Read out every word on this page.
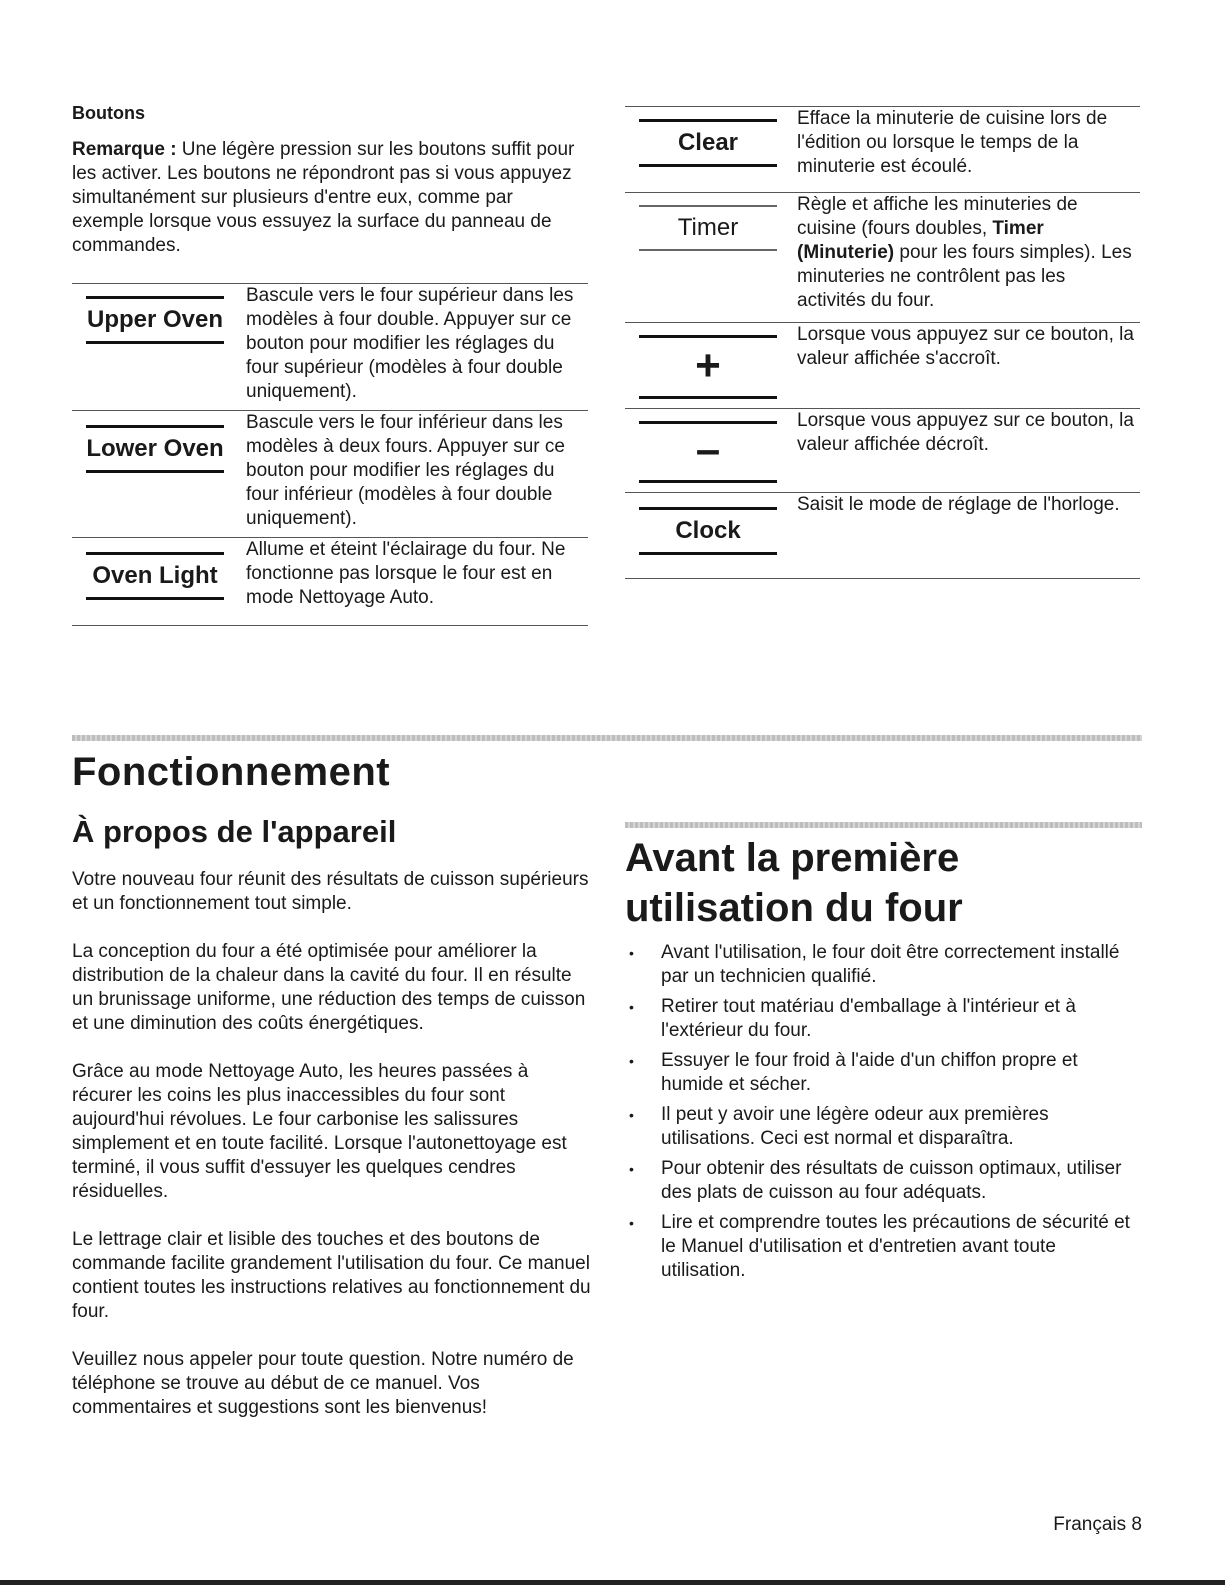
Boutons

Remarque : Une légère pression sur les boutons suffit pour les activer. Les boutons ne répondront pas si vous appuyez simultanément sur plusieurs d'entre eux, comme par exemple lorsque vous essuyez la surface du panneau de commandes.

Upper Oven
Bascule vers le four supérieur dans les modèles à four double. Appuyer sur ce bouton pour modifier les réglages du four supérieur (modèles à four double uniquement).
Lower Oven
Bascule vers le four inférieur dans les modèles à deux fours. Appuyer sur ce bouton pour modifier les réglages du four inférieur (modèles à four double uniquement).
Oven Light
Allume et éteint l'éclairage du four. Ne fonctionne pas lorsque le four est en mode Nettoyage Auto.
Clear
Efface la minuterie de cuisine lors de l'édition ou lorsque le temps de la minuterie est écoulé.
Timer
Règle et affiche les minuteries de cuisine (fours doubles, Timer (Minuterie) pour les fours simples). Les minuteries ne contrôlent pas les activités du four.
+
Lorsque vous appuyez sur ce bouton, la valeur affichée s'accroît.
–
Lorsque vous appuyez sur ce bouton, la valeur affichée décroît.
Clock
Saisit le mode de réglage de l'horloge.
Fonctionnement
À propos de l'appareil

Votre nouveau four réunit des résultats de cuisson supérieurs et un fonctionnement tout simple.

La conception du four a été optimisée pour améliorer la distribution de la chaleur dans la cavité du four. Il en résulte un brunissage uniforme, une réduction des temps de cuisson et une diminution des coûts énergétiques.

Grâce au mode Nettoyage Auto, les heures passées à récurer les coins les plus inaccessibles du four sont aujourd'hui révolues. Le four carbonise les salissures simplement et en toute facilité. Lorsque l'autonettoyage est terminé, il vous suffit d'essuyer les quelques cendres résiduelles.

Le lettrage clair et lisible des touches et des boutons de commande facilite grandement l'utilisation du four. Ce manuel contient toutes les instructions relatives au fonctionnement du four.

Veuillez nous appeler pour toute question. Notre numéro de téléphone se trouve au début de ce manuel. Vos commentaires et suggestions sont les bienvenus!

Avant la première
utilisation du four
• Avant l'utilisation, le four doit être correctement installé par un technicien qualifié.
• Retirer tout matériau d'emballage à l'intérieur et à l'extérieur du four.
• Essuyer le four froid à l'aide d'un chiffon propre et humide et sécher.
• Il peut y avoir une légère odeur aux premières utilisations. Ceci est normal et disparaîtra.
• Pour obtenir des résultats de cuisson optimaux, utiliser des plats de cuisson au four adéquats.
• Lire et comprendre toutes les précautions de sécurité et le Manuel d'utilisation et d'entretien avant toute utilisation.
Français 8
